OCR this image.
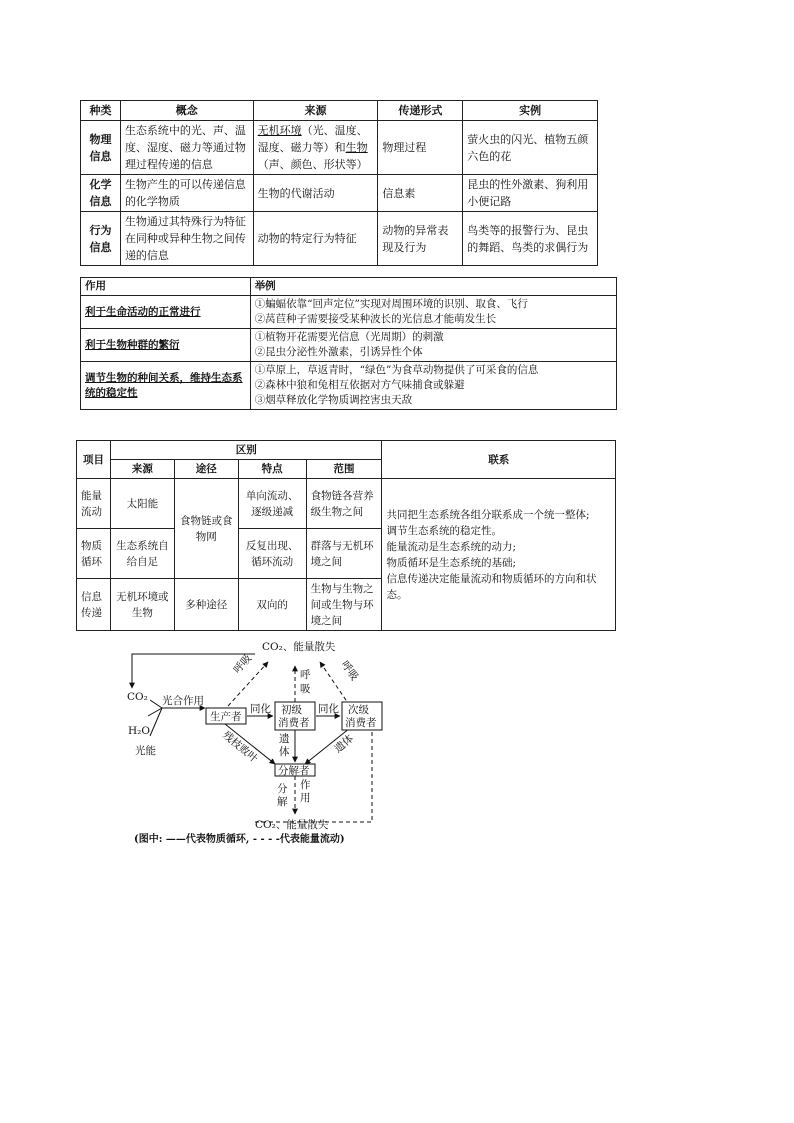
种类	概念	来源	传递形式	实例
物理信息	生态系统中的光、声、温度、湿度、磁力等通过物理过程传递的信息	无机环境（光、温度、湿度、磁力等）和生物（声、颜色、形状等）	物理过程	萤火虫的闪光、植物五颜六色的花
化学信息	生物产生的可以传递信息的化学物质	生物的代谢活动	信息素	昆虫的性外激素、狗利用小便记路
行为信息	生物通过其特殊行为特征在同种或异种生物之间传递的信息	动物的特定行为特征	动物的异常表现及行为	鸟类等的报警行为、昆虫的舞蹈、鸟类的求偶行为
作用	举例
利于生命活动的正常进行	①蝙蝠依靠“回声定位”实现对周围环境的识别、取食、飞行
②莴苣种子需要接受某种波长的光信息才能萌发生长

利于生物种群的繁衍	①植物开花需要光信息（光周期）的刺激
②昆虫分泌性外激素，引诱异性个体

调节生物的种间关系，维持生态系统的稳定性	①草原上，草返青时，“绿色”为食草动物提供了可采食的信息
②森林中狼和兔相互依据对方气味捕食或躲避
③烟草释放化学物质调控害虫天敌
项目	区别				联系
	来源	途径	特点	范围	
能量流动	太阳能	食物链或食物网	单向流动、逐级递减	食物链各营养级生物之间	共同把生态系统各组分联系成一个统一整体;
调节生态系统的稳定性。
能量流动是生态系统的动力;
物质循环是生态系统的基础;
信息传递决定能量流动和物质循环的方向和状态。

物质循环	生态系统自给自足		反复出现、循环流动	群落与无机环境之间	
信息传递	无机环境或生物	多种途径	双向的	生物与生物之间或生物与环境之间	
CO₂、能量散失
CO₂、能量散失
CO₂
H₂O
光能
光合作用
生产者
初级
消费者
次级
消费者
分解者
同化	同化
呼吸	呼
吸
呼吸
遗
体	遗体
残枝败叶
分
解
作
用
(图中: ——代表物质循环, - - - -代表能量流动)
